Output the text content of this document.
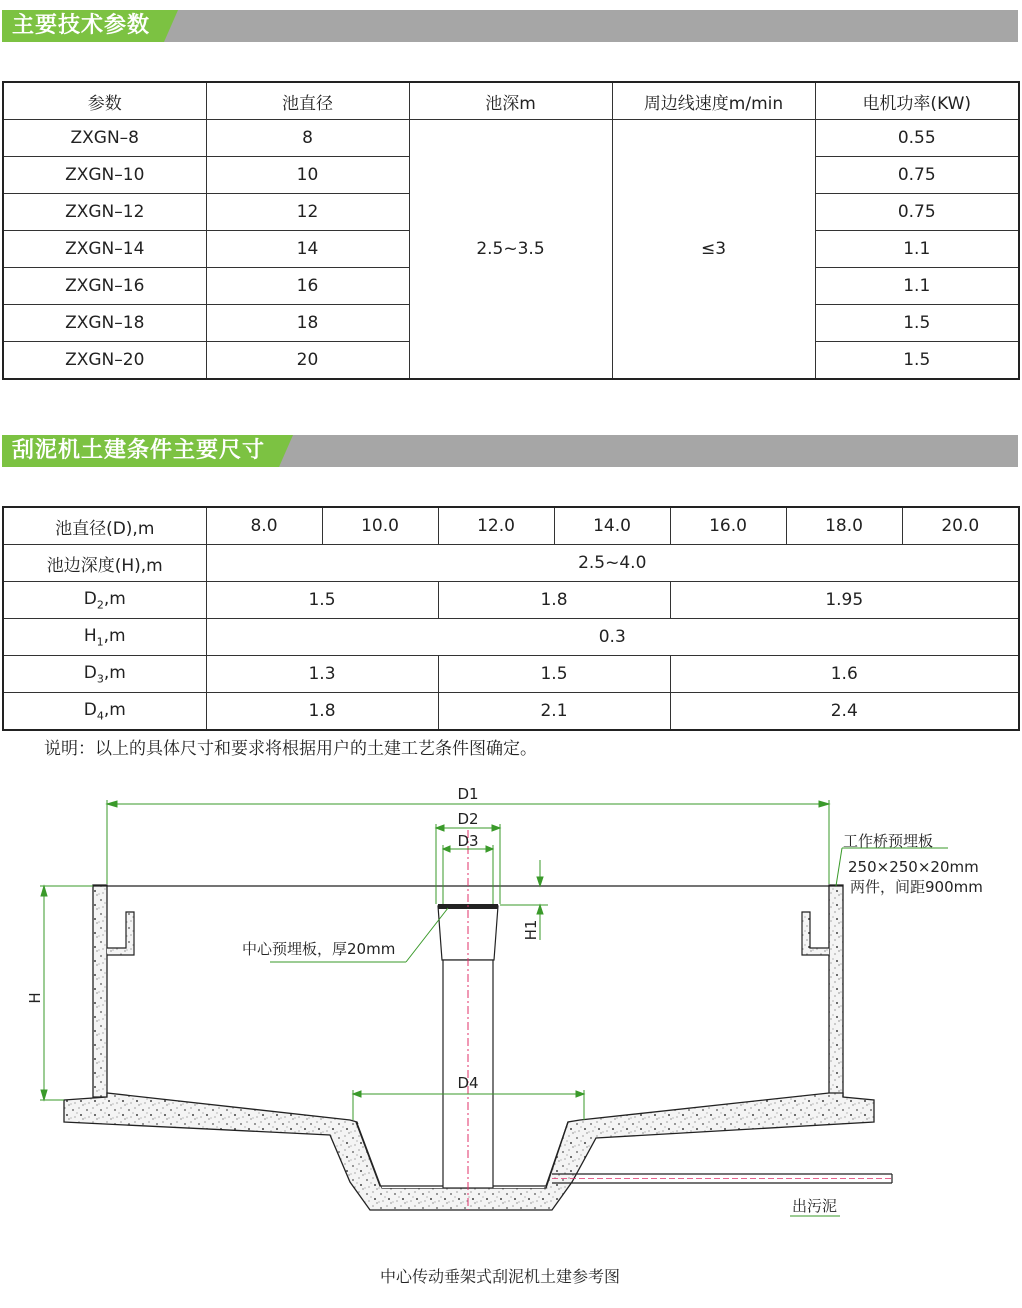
主要技术参数
参数	池直径	池深m	周边线速度m/min	电机功率(KW)
ZXGN–8	8	2.5~3.5	≤3	0.55
ZXGN–10	10			0.75
ZXGN–12	12			0.75
ZXGN–14	14			1.1
ZXGN–16	16			1.1
ZXGN–18	18			1.5
ZXGN–20	20			1.5
刮泥机土建条件主要尺寸
池直径(D),m	8.0	10.0	12.0	14.0	16.0	18.0	20.0
池边深度(H),m	2.5~4.0						
$D_2,m$	1.5		1.8		1.95		
$H_1,m$	0.3						
$D_3,m$	1.3		1.5		1.6		
$D_4,m$	1.8		2.1		2.4		
说明：以上的具体尺寸和要求将根据用户的土建工艺条件图确定。
D1
D2
D3
D4
H
H1
工作桥预埋板
250×250×20mm
两件，间距900mm
中心预埋板，厚20mm
出污泥
中心传动垂架式刮泥机土建参考图
